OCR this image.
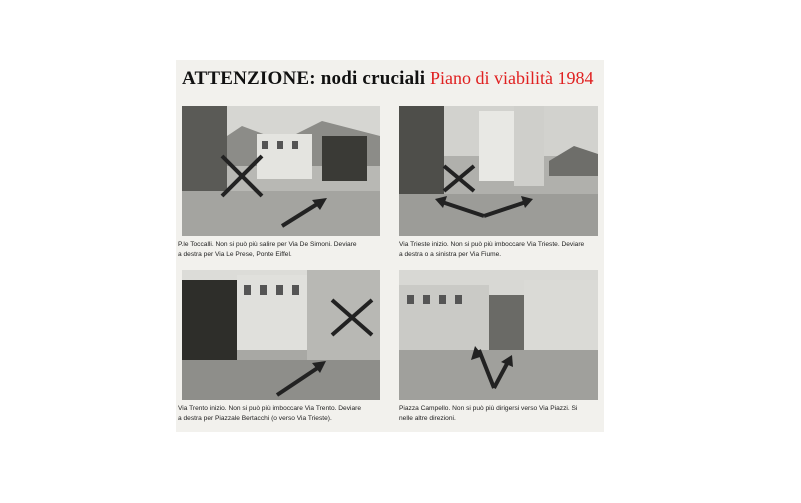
ATTENZIONE: nodi cruciali Piano di viabilità 1984
P.le Toccalli. Non si può più salire per Via De Simoni. Deviare
a destra per Via Le Prese, Ponte Eiffel.
Via Trieste inizio. Non si può più imboccare Via Trieste. Deviare
a destra o a sinistra per Via Fiume.
Via Trento inizio. Non si può più imboccare Via Trento. Deviare
a destra per Piazzale Bertacchi (o verso Via Trieste).
Piazza Campello. Non si può più dirigersi verso Via Piazzi. Si
nelle altre direzioni.
